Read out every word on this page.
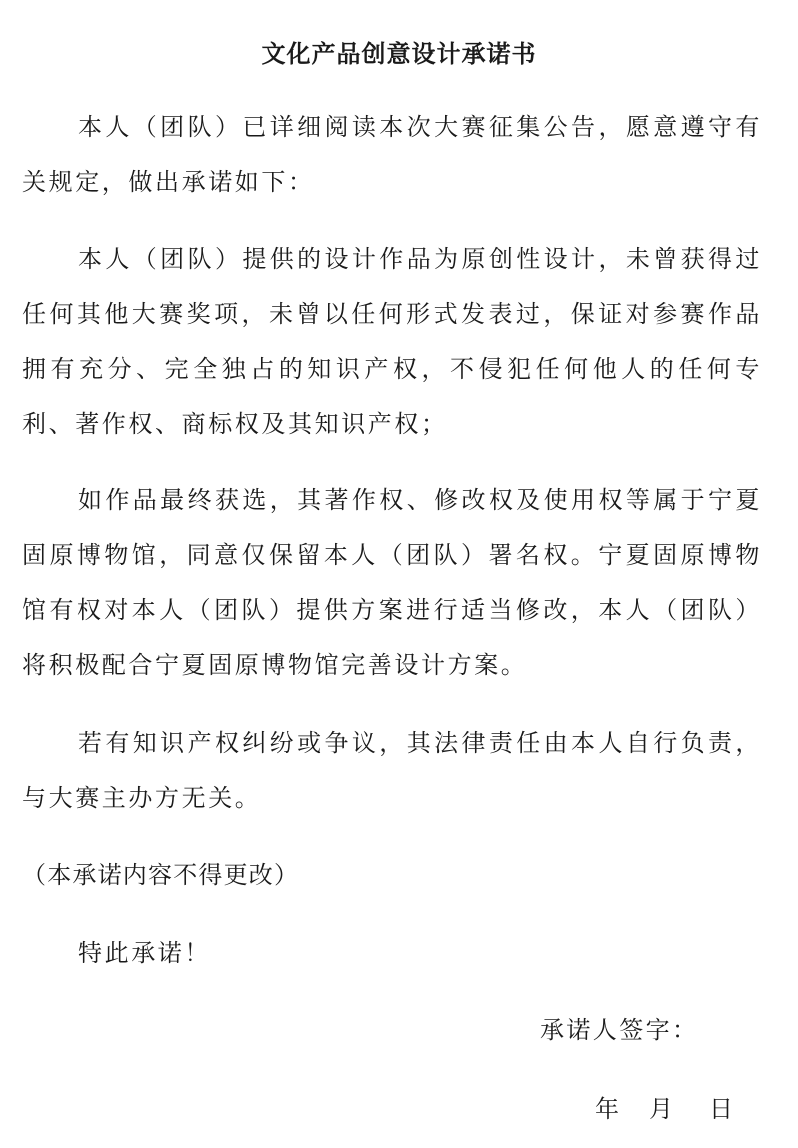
文化产品创意设计承诺书

本人（团队）已详细阅读本次大赛征集公告，愿意遵守有关规定，做出承诺如下：

本人（团队）提供的设计作品为原创性设计，未曾获得过任何其他大赛奖项，未曾以任何形式发表过，保证对参赛作品拥有充分、完全独占的知识产权，不侵犯任何他人的任何专利、著作权、商标权及其知识产权；

如作品最终获选，其著作权、修改权及使用权等属于宁夏固原博物馆，同意仅保留本人（团队）署名权。宁夏固原博物馆有权对本人（团队）提供方案进行适当修改，本人（团队）将积极配合宁夏固原博物馆完善设计方案。

若有知识产权纠纷或争议，其法律责任由本人自行负责，与大赛主办方无关。

（本承诺内容不得更改）

特此承诺！

承诺人签字：

年 月 日
